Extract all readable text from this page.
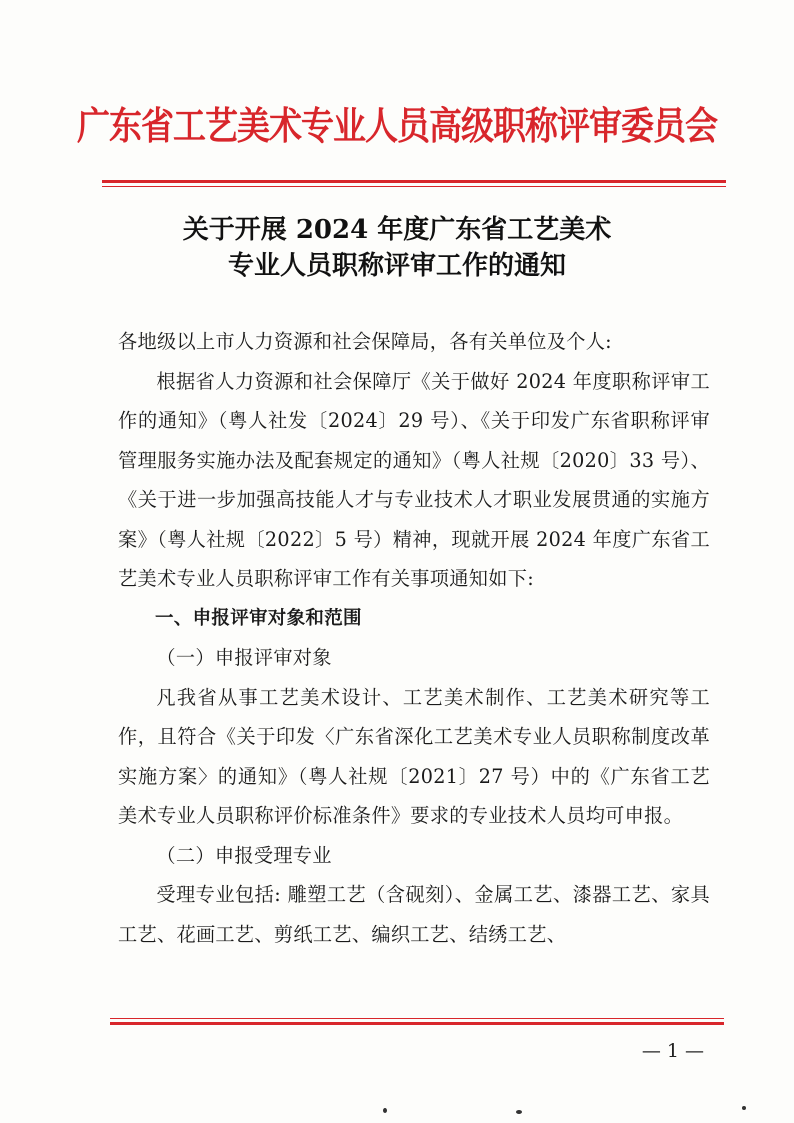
广东省工艺美术专业人员高级职称评审委员会
关于开展 2024 年度广东省工艺美术
专业人员职称评审工作的通知

各地级以上市人力资源和社会保障局，各有关单位及个人:

根据省人力资源和社会保障厅《关于做好 2024 年度职称评审工作的通知》（粤人社发〔2024〕29 号）、《关于印发广东省职称评审管理服务实施办法及配套规定的通知》（粤人社规〔2020〕33 号）、《关于进一步加强高技能人才与专业技术人才职业发展贯通的实施方案》（粤人社规〔2022〕5 号）精神，现就开展 2024 年度广东省工艺美术专业人员职称评审工作有关事项通知如下:

一、申报评审对象和范围

（一）申报评审对象

凡我省从事工艺美术设计、工艺美术制作、工艺美术研究等工作，且符合《关于印发〈广东省深化工艺美术专业人员职称制度改革实施方案〉的通知》（粤人社规〔2021〕27 号）中的《广东省工艺美术专业人员职称评价标准条件》要求的专业技术人员均可申报。

（二）申报受理专业

受理专业包括: 雕塑工艺（含砚刻）、金属工艺、漆器工艺、家具工艺、花画工艺、剪纸工艺、编织工艺、结绣工艺、

— 1 —
